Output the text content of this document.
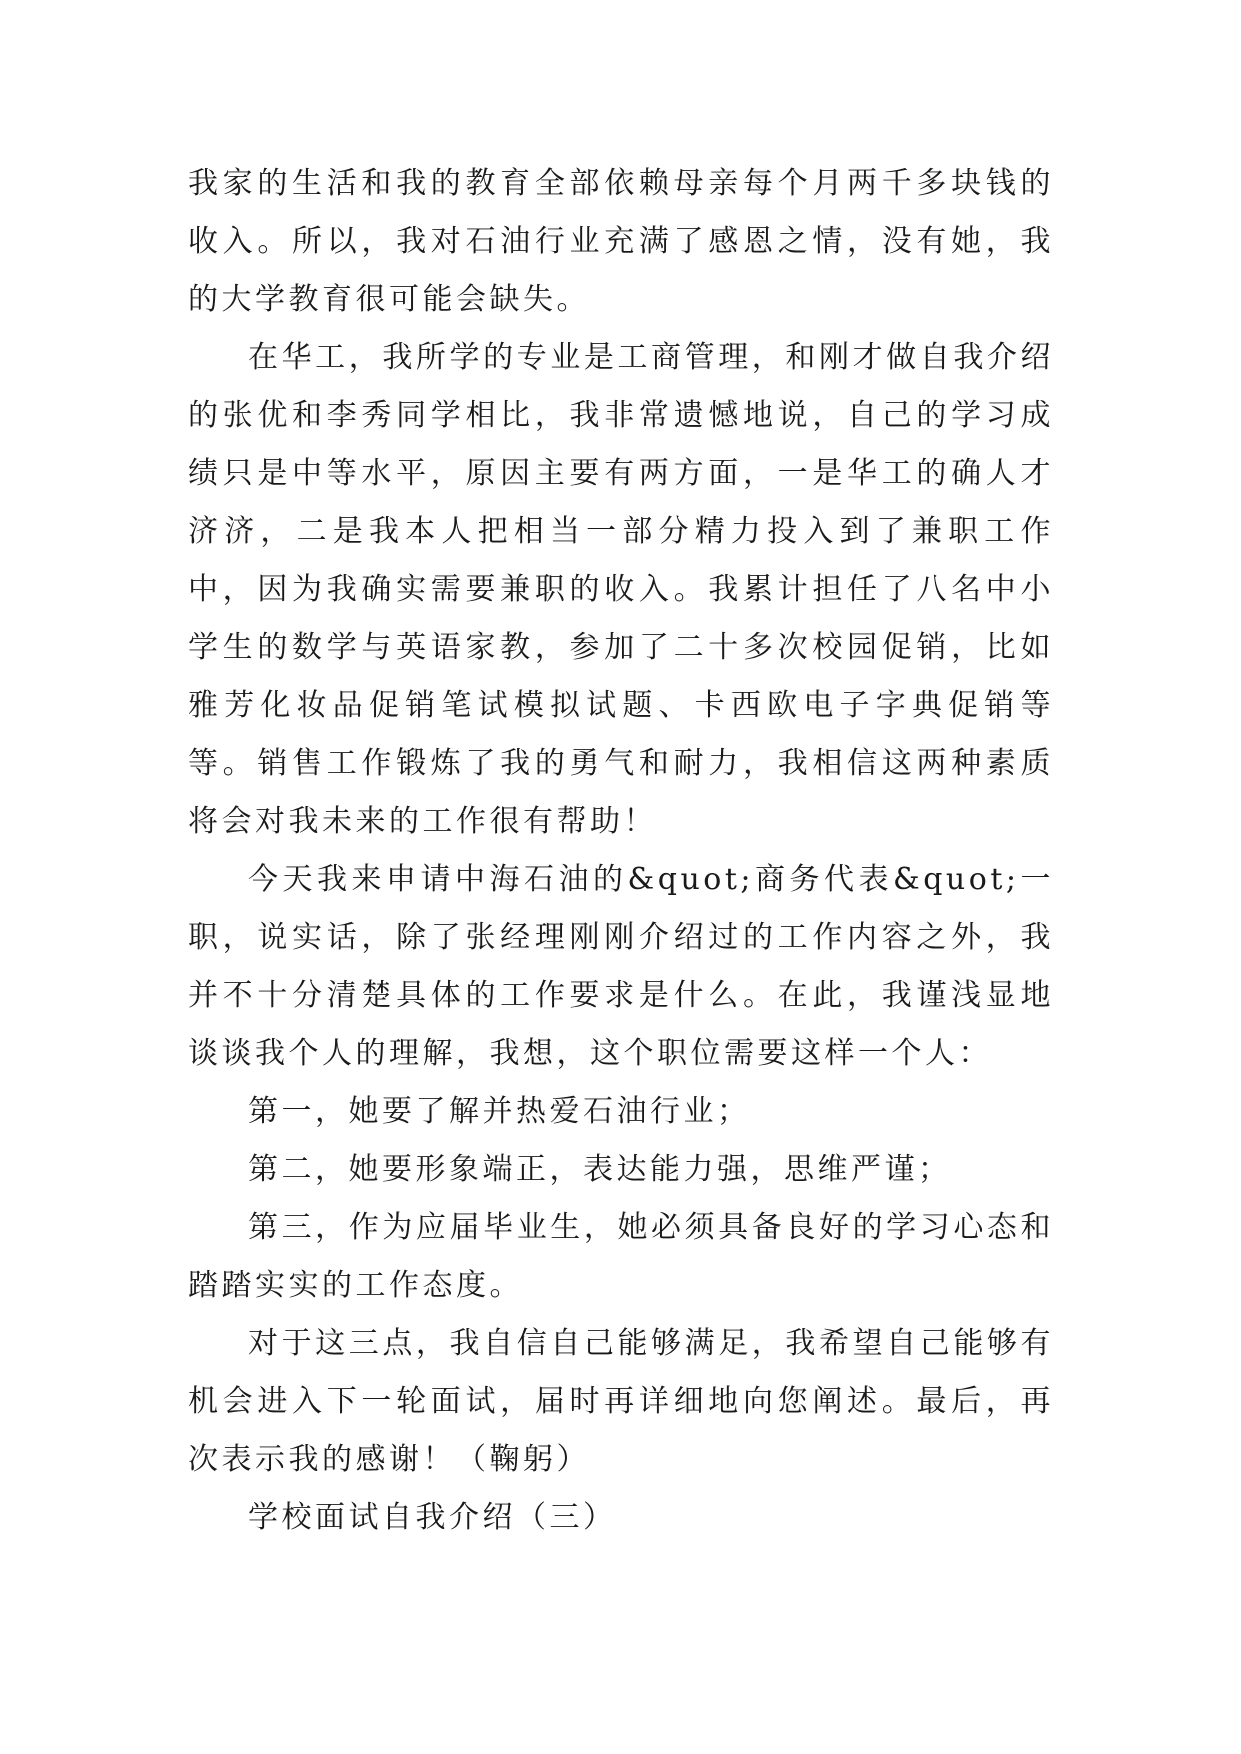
我家的生活和我的教育全部依赖母亲每个月两千多块钱的收入。所以，我对石油行业充满了感恩之情，没有她，我的大学教育很可能会缺失。

在华工，我所学的专业是工商管理，和刚才做自我介绍的张优和李秀同学相比，我非常遗憾地说，自己的学习成绩只是中等水平，原因主要有两方面，一是华工的确人才济济，二是我本人把相当一部分精力投入到了兼职工作中，因为我确实需要兼职的收入。我累计担任了八名中小学生的数学与英语家教，参加了二十多次校园促销，比如雅芳化妆品促销笔试模拟试题、卡西欧电子字典促销等等。销售工作锻炼了我的勇气和耐力，我相信这两种素质将会对我未来的工作很有帮助！

今天我来申请中海石油的&quot;商务代表&quot;一职，说实话，除了张经理刚刚介绍过的工作内容之外，我并不十分清楚具体的工作要求是什么。在此，我谨浅显地谈谈我个人的理解，我想，这个职位需要这样一个人：

第一，她要了解并热爱石油行业；

第二，她要形象端正，表达能力强，思维严谨；

第三，作为应届毕业生，她必须具备良好的学习心态和踏踏实实的工作态度。

对于这三点，我自信自己能够满足，我希望自己能够有机会进入下一轮面试，届时再详细地向您阐述。最后，再次表示我的感谢！（鞠躬）

学校面试自我介绍（三）
